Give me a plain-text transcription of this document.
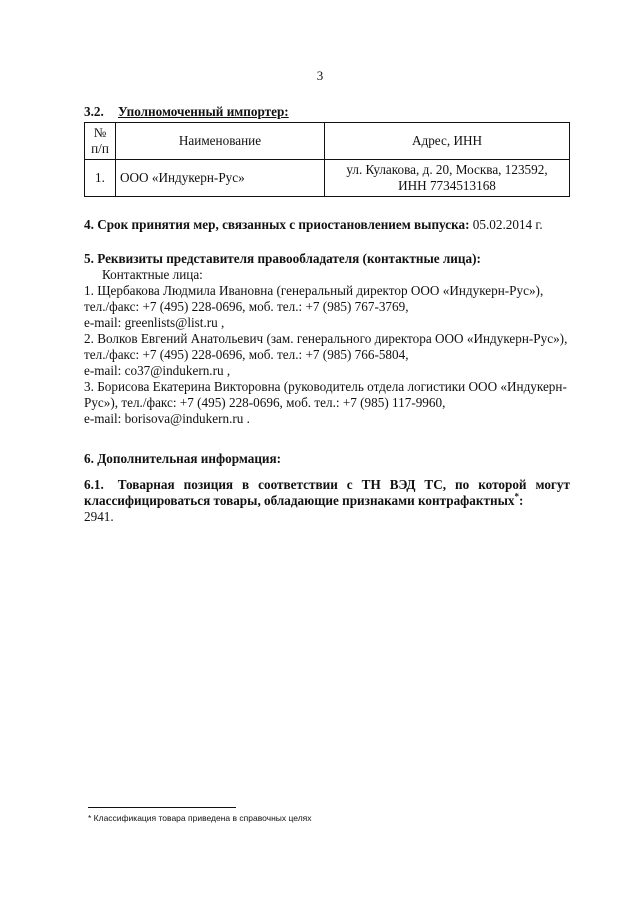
3
3.2. Уполномоченный импортер:
№ п/п	Наименование	Адрес, ИНН
1.	ООО «Индукерн-Рус»	ул. Кулакова, д. 20, Москва, 123592,
ИНН 7734513168
4. Срок принятия мер, связанных с приостановлением выпуска: 05.02.2014 г.
5. Реквизиты представителя правообладателя (контактные лица):
Контактные лица:
1. Щербакова Людмила Ивановна (генеральный директор ООО «Индукерн-Рус»),
тел./факс: +7 (495) 228-0696, моб. тел.: +7 (985) 767-3769,
e-mail: greenlists@list.ru ,
2. Волков Евгений Анатольевич (зам. генерального директора ООО «Индукерн-Рус»),
тел./факс: +7 (495) 228-0696, моб. тел.: +7 (985) 766-5804,
e-mail: co37@indukern.ru ,
3. Борисова Екатерина Викторовна (руководитель отдела логистики ООО «Индукерн-
Рус»), тел./факс: +7 (495) 228-0696, моб. тел.: +7 (985) 117-9960,
e-mail: borisova@indukern.ru .
6. Дополнительная информация:
6.1. Товарная позиция в соответствии с ТН ВЭД ТС, по которой могут
классифицироваться товары, обладающие признаками контрафактных*:
2941.
* Классификация товара приведена в справочных целях
